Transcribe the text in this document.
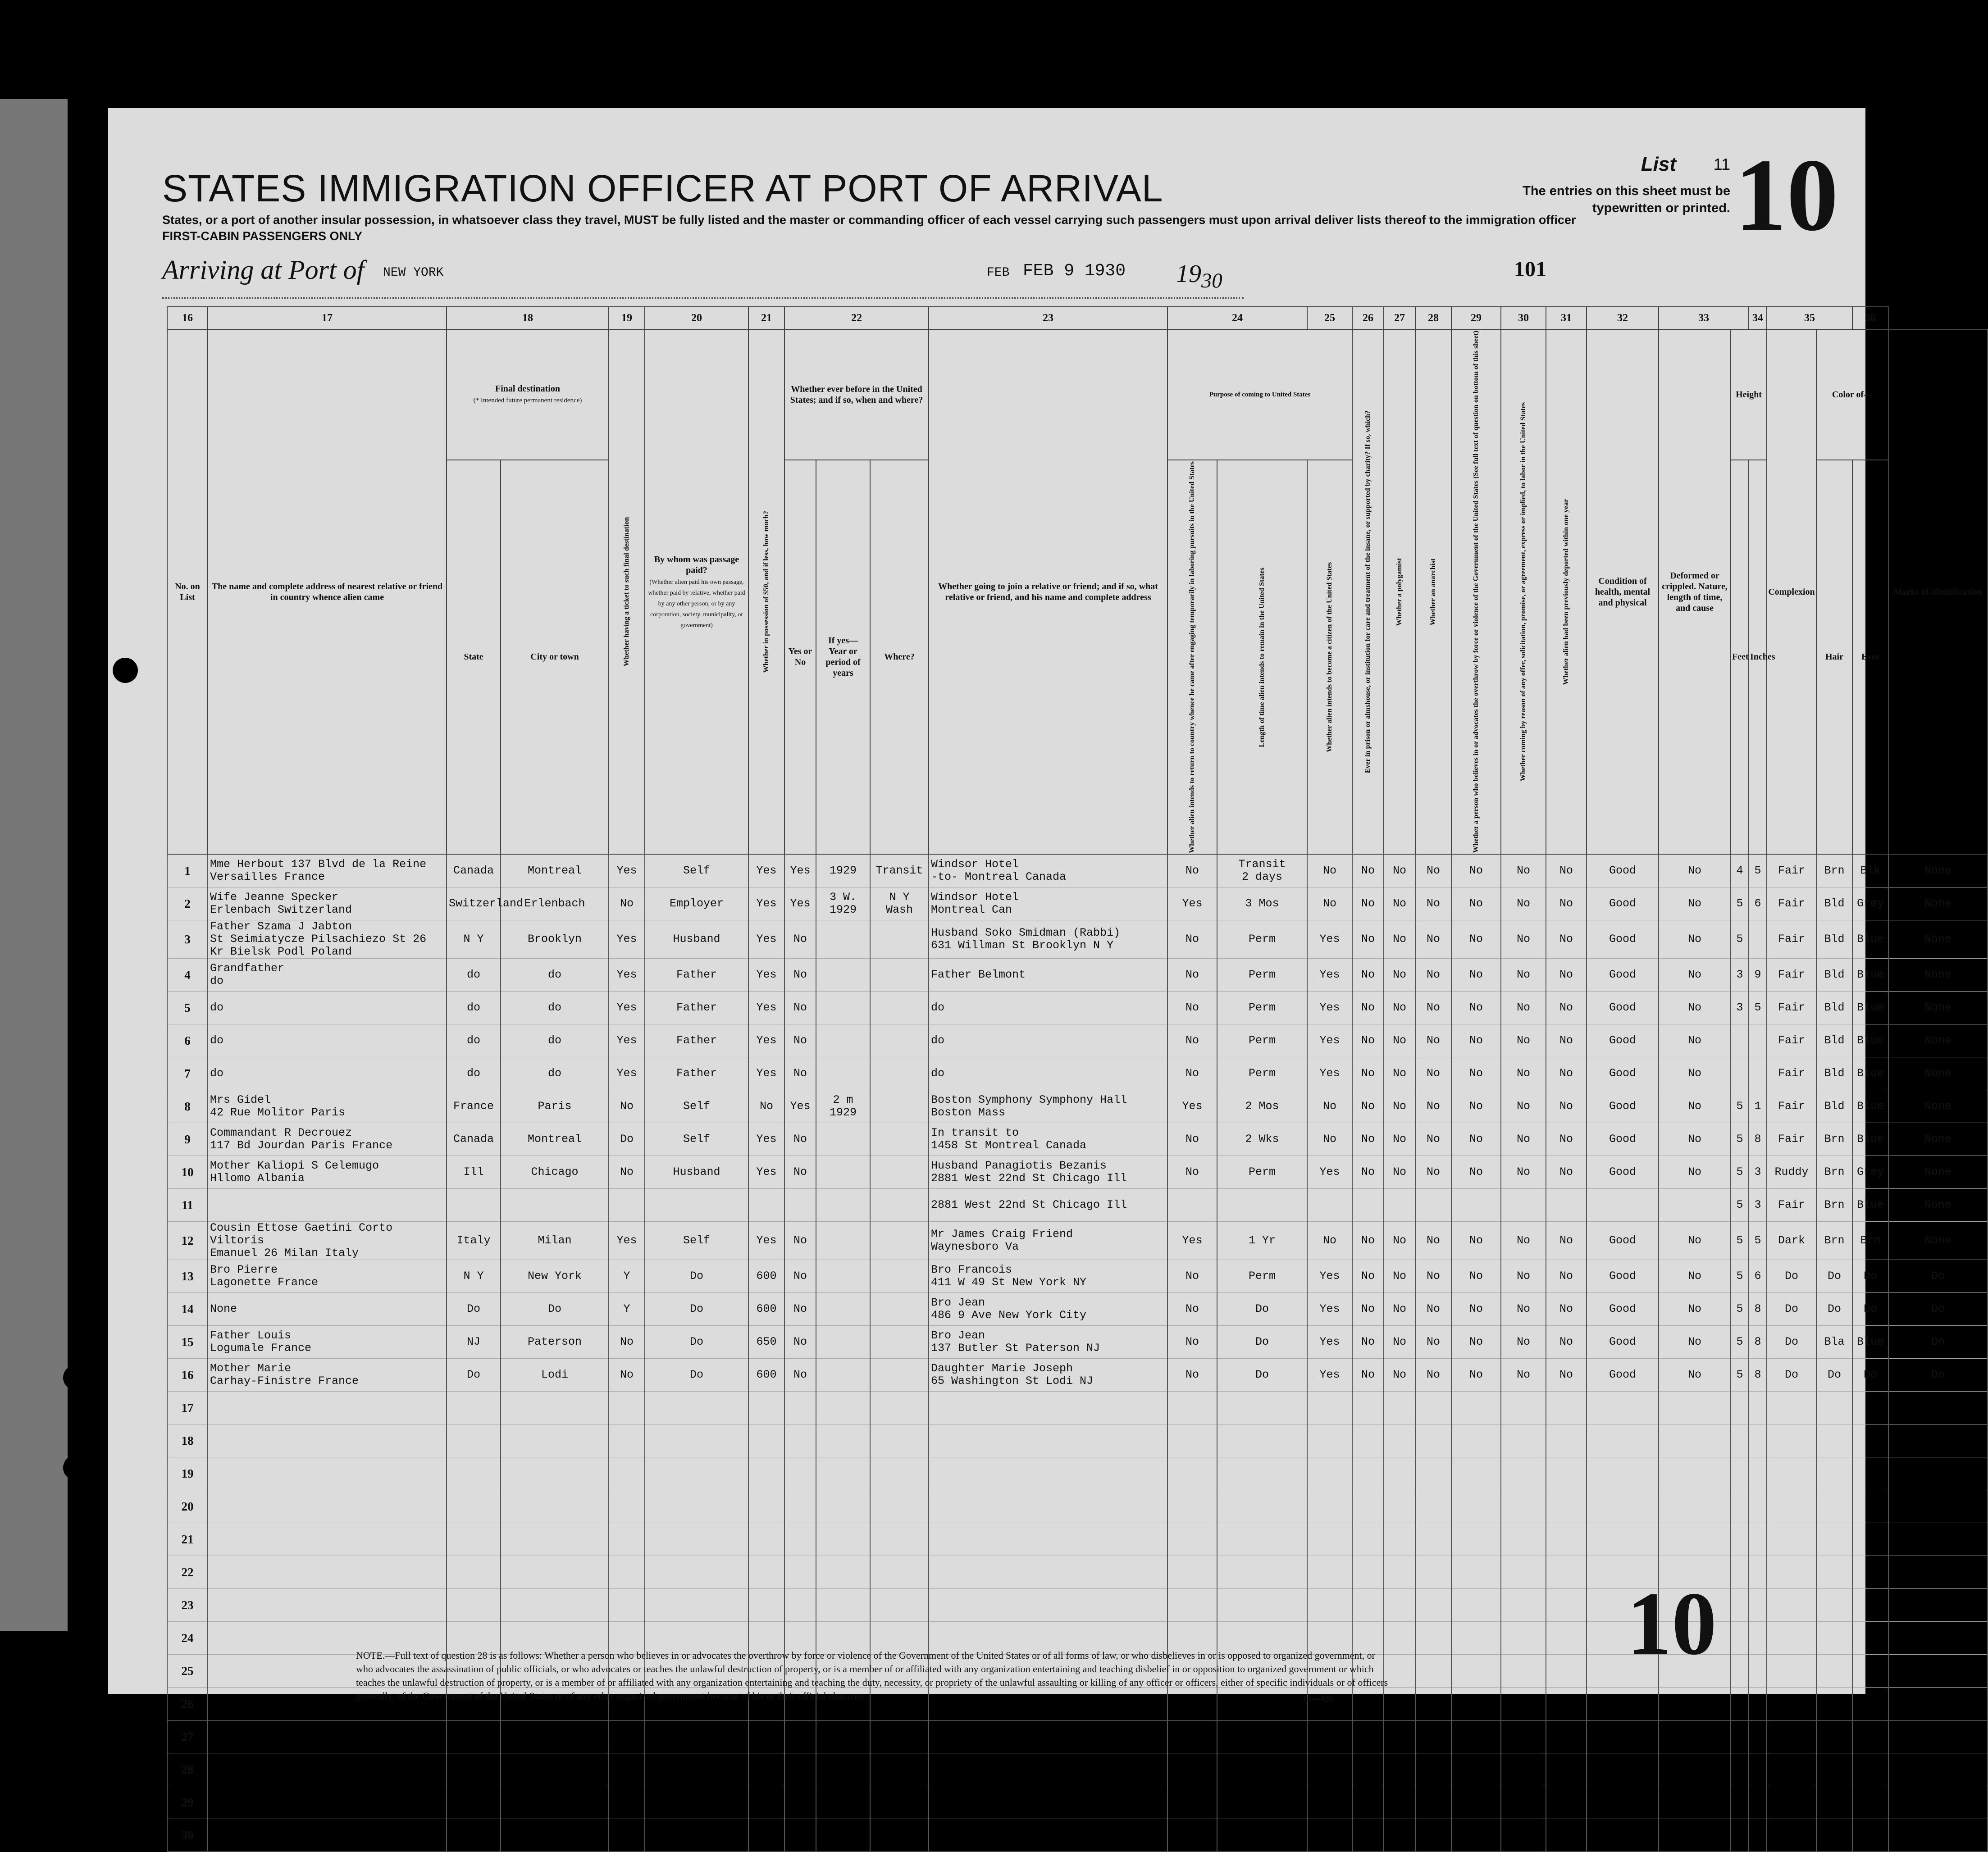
STATES IMMIGRATION OFFICER AT PORT OF ARRIVAL
States, or a port of another insular possession, in whatsoever class they travel, MUST be fully listed and the master or commanding officer of each vessel carrying such passengers must upon arrival deliver lists thereof to the immigration officer
FIRST-CABIN PASSENGERS ONLY
List 11
The entries on this sheet must be typewritten or printed. 10
Arriving at Port of NEW YORK	FEB FEB 9 1930 $19_{30}$	101
16	17	18		19	20	21	22			23	24		25	26	27	28	29	30	31	32	33		34	35		36	
No. on List	The name and complete address of nearest relative or friend in country whence alien came	Final destination
(* Intended future permanent residence)		Whether having a ticket to such final destination	By whom was passage paid?
(Whether alien paid his own passage, whether paid by relative, whether paid by any other person, or by any corporation, society, municipality, or government)	Whether in possession of $50, and if less, how much?	Whether ever before in the United States; and if so, when and where?			Whether going to join a relative or friend; and if so, what relative or friend, and his name and complete address	Purpose of coming to United States			Ever in prison or almshouse, or institution for care and treatment of the insane, or supported by charity? If so, which?	Whether a polygamist	Whether an anarchist	Whether a person who believes in or advocates the overthrow by force or violence of the Government of the United States (See full text of question on bottom of this sheet)	Whether coming by reason of any offer, solicitation, promise, or agreement, express or implied, to labor in the United States	Whether alien had been previously deported within one year	Condition of health, mental and physical	Deformed or crippled. Nature, length of time, and cause	Height		Complexion	Color of—		Marks of identification
		State	City or town				Yes or No	If yes—
Year or period of years	Where?		Whether alien intends to return to country whence he came after engaging temporarily in laboring pursuits in the United States	Length of time alien intends to remain in the United States	Whether alien intends to become a citizen of the United States									Feet	Inches		Hair	Eyes	
1	Mme Herbout 137 Blvd de la Reine
Versailles France	Canada	Montreal	Yes	Self	Yes	Yes	1929	Transit	Windsor Hotel
-to- Montreal Canada	No	Transit
2 days	No	No	No	No	No	No	No	Good	No	4	5	Fair	Brn	Blk	None
2	Wife Jeanne Specker
Erlenbach Switzerland	Switzerland	Erlenbach	No	Employer	Yes	Yes	3 W. 1929	N Y Wash	Windsor Hotel
Montreal Can	Yes	3 Mos	No	No	No	No	No	No	No	Good	No	5	6	Fair	Bld	Grey	None
3	Father Szama J Jabton
St Seimiatycze Pilsachiezo St 26
Kr Bielsk Podl Poland	N Y	Brooklyn	Yes	Husband	Yes	No			Husband Soko Smidman (Rabbi)
631 Willman St Brooklyn N Y	No	Perm	Yes	No	No	No	No	No	No	Good	No	5		Fair	Bld	Blue	None
4	Grandfather
do	do	do	Yes	Father	Yes	No			Father Belmont	No	Perm	Yes	No	No	No	No	No	No	Good	No	3	9	Fair	Bld	Blue	None
5	do	do	do	Yes	Father	Yes	No			do	No	Perm	Yes	No	No	No	No	No	No	Good	No	3	5	Fair	Bld	Blue	None
6	do	do	do	Yes	Father	Yes	No			do	No	Perm	Yes	No	No	No	No	No	No	Good	No			Fair	Bld	Blue	None
7	do	do	do	Yes	Father	Yes	No			do	No	Perm	Yes	No	No	No	No	No	No	Good	No			Fair	Bld	Blue	None
8	Mrs Gidel
42 Rue Molitor Paris	France	Paris	No	Self	No	Yes	2 m 1929		Boston Symphony Symphony Hall
Boston Mass	Yes	2 Mos	No	No	No	No	No	No	No	Good	No	5	1	Fair	Bld	Blue	None
9	Commandant R Decrouez
117 Bd Jourdan Paris France	Canada	Montreal	Do	Self	Yes	No			In transit to
1458 St Montreal Canada	No	2 Wks	No	No	No	No	No	No	No	Good	No	5	8	Fair	Brn	Blue	None
10	Mother Kaliopi S Celemugo
Hllomo Albania	Ill	Chicago	No	Husband	Yes	No			Husband Panagiotis Bezanis
2881 West 22nd St Chicago Ill	No	Perm	Yes	No	No	No	No	No	No	Good	No	5	3	Ruddy	Brn	Grey	None
11										2881 West 22nd St Chicago Ill												5	3	Fair	Brn	Blue	None
12	Cousin Ettose Gaetini Corto Viltoris
Emanuel 26 Milan Italy	Italy	Milan	Yes	Self	Yes	No			Mr James Craig Friend
Waynesboro Va	Yes	1 Yr	No	No	No	No	No	No	No	Good	No	5	5	Dark	Brn	Brn	None
13	Bro Pierre
Lagonette France	N Y	New York	Y	Do	600	No			Bro Francois
411 W 49 St New York NY	No	Perm	Yes	No	No	No	No	No	No	Good	No	5	6	Do	Do	Do	Do
14	None	Do	Do	Y	Do	600	No			Bro Jean
486 9 Ave New York City	No	Do	Yes	No	No	No	No	No	No	Good	No	5	8	Do	Do	Do	Do
15	Father Louis
Logumale France	NJ	Paterson	No	Do	650	No			Bro Jean
137 Butler St Paterson NJ	No	Do	Yes	No	No	No	No	No	No	Good	No	5	8	Do	Bla	Blue	Do
16	Mother Marie
Carhay-Finistre France	Do	Lodi	No	Do	600	No			Daughter Marie Joseph
65 Washington St Lodi NJ	No	Do	Yes	No	No	No	No	No	No	Good	No	5	8	Do	Do	Do	Do
17																											
18																											
19																											
20																											
21																											
22																											
23																											
24																											
25																											
26																											
27																											
28																											
29																											
30																											
NOTE.—Full text of question 28 is as follows: Whether a person who believes in or advocates the overthrow by force or violence of the Government of the United States or of all forms of law, or who disbelieves in or is opposed to organized government, or who advocates the assassination of public officials, or who advocates or teaches the unlawful destruction of property, or is a member of or affiliated with any organization entertaining and teaching disbelief in or opposition to organized government or which teaches the unlawful destruction of property, or is a member of or affiliated with any organization entertaining and teaching the duty, necessity, or propriety of the unlawful assaulting or killing of any officer or officers, either of specific individuals or of officers generally, of the Government of the United States or of any other organized government because of his or their official character.	14—430
10
